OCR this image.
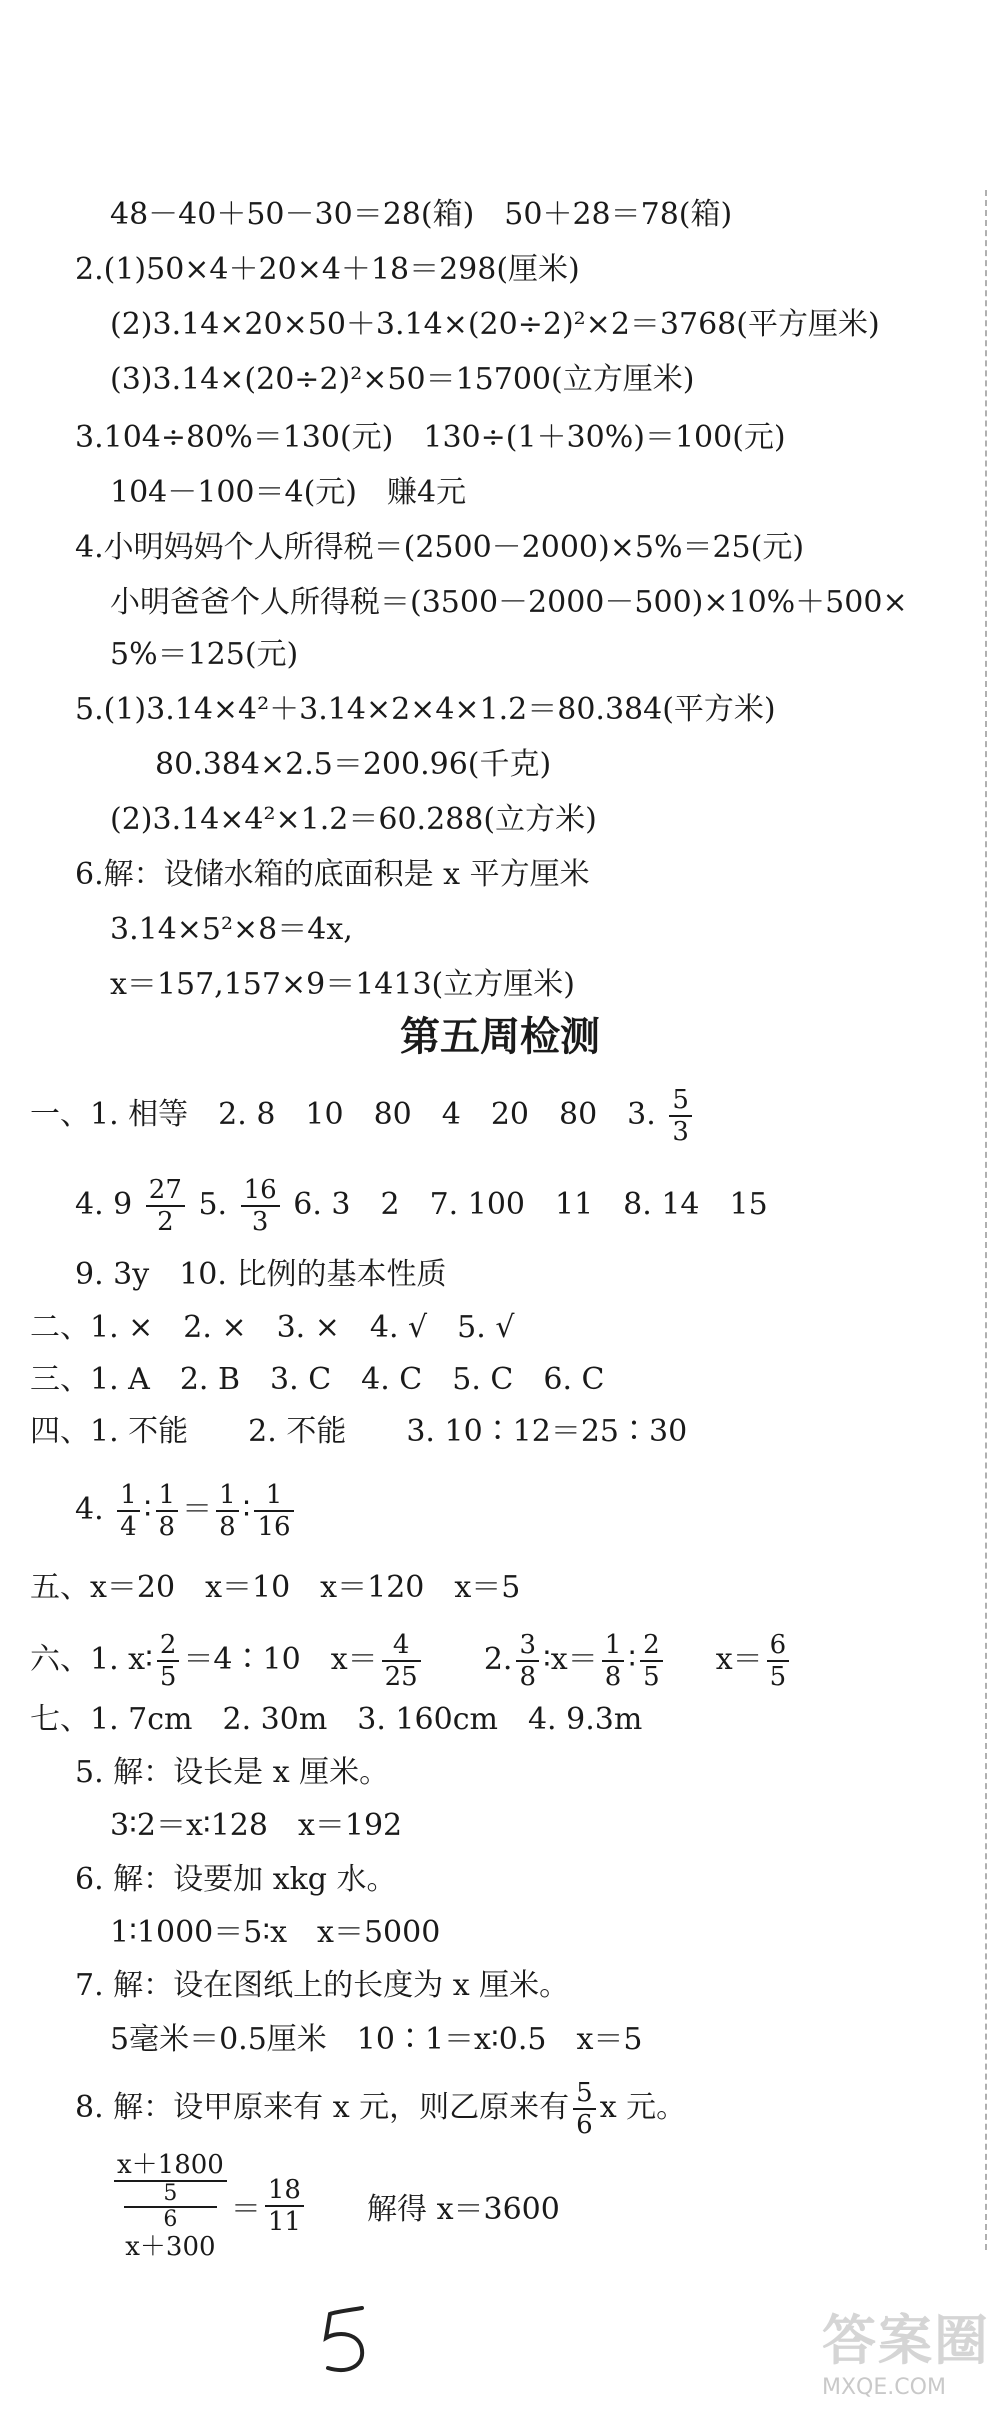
48－40＋50－30＝28(箱)　50＋28＝78(箱)
2.(1)50×4＋20×4＋18＝298(厘米)
(2)3.14×20×50＋3.14×(20÷2)²×2＝3768(平方厘米)
(3)3.14×(20÷2)²×50＝15700(立方厘米)
3.104÷80%＝130(元)　130÷(1＋30%)＝100(元)
104－100＝4(元)　赚4元
4.小明妈妈个人所得税＝(2500－2000)×5%＝25(元)
小明爸爸个人所得税＝(3500－2000－500)×10%＋500×
5%＝125(元)
5.(1)3.14×4²＋3.14×2×4×1.2＝80.384(平方米)
80.384×2.5＝200.96(千克)
(2)3.14×4²×1.2＝60.288(立方米)
6.解：设储水箱的底面积是 x 平方厘米
3.14×5²×8＝4x,
x＝157,157×9＝1413(立方厘米)
第五周检测
一、1. 相等　2. 8　10　80　4　20　80　3. $\frac{5}{3}$
4. $9 \frac{27}{2} 5$. $\frac{16}{3} 6$. 3　2　7. 100　11　8. 14　15
9. 3y　10. 比例的基本性质
二、1. ×　2. ×　3. ×　4. √　5. √
三、1. A　2. B　3. C　4. C　5. C　6. C
四、1. 不能　　2. 不能　　3. 10∶12＝25∶30
4. $\frac{1}{4}$ ∶ $\frac{1}{8} = \frac{1}{8}$ ∶ $\frac{1}{16}$
五、x＝20　x＝10　x＝120　x＝5
六、1. x∶ $\frac{2}{5}$ ＝4∶10　$x= \frac{4}{25} 2$. $\frac{3}{8}$ ∶x＝ $\frac{1}{8}$ ∶ $\frac{2}{5} x= \frac{6}{5}$
七、1. 7cm　2. 30m　3. 160cm　4. 9.3m
5. 解：设长是 x 厘米。
3∶2＝x∶128　x＝192
6. 解：设要加 xkg 水。
1∶1000＝5∶x　x＝5000
7. 解：设在图纸上的长度为 x 厘米。
5毫米＝0.5厘米　10∶1＝x∶0.5　x＝5
8. 解：设甲原来有 x 元，则乙原来有 $\frac{5}{6}$ x 元。
x＋1800
5
6
$x+300 = \frac{18}{11}$ 解得 x＝3600
答案圈
MXQE.COM
